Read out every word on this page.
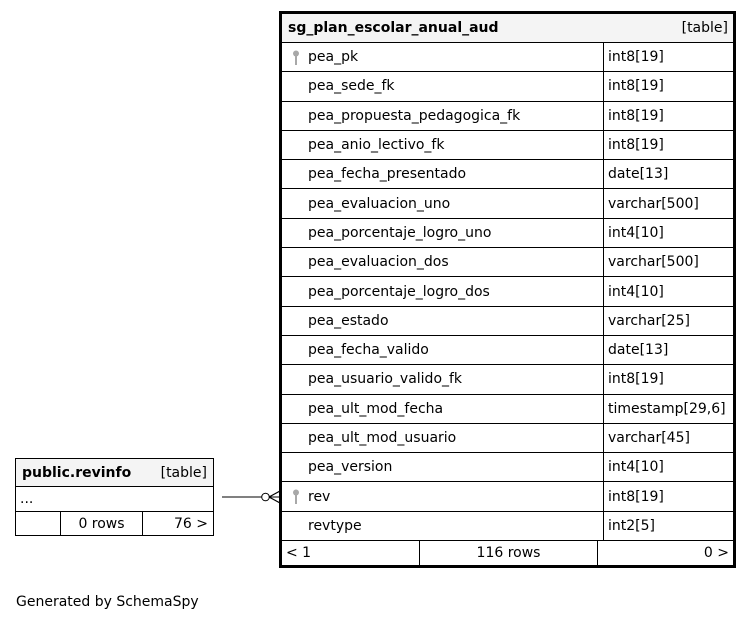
sg_plan_escolar_anual_aud	[table]
pea_pk	int8[19]
pea_sede_fk	int8[19]
pea_propuesta_pedagogica_fk	int8[19]
pea_anio_lectivo_fk	int8[19]
pea_fecha_presentado	date[13]
pea_evaluacion_uno	varchar[500]
pea_porcentaje_logro_uno	int4[10]
pea_evaluacion_dos	varchar[500]
pea_porcentaje_logro_dos	int4[10]
pea_estado	varchar[25]
pea_fecha_valido	date[13]
pea_usuario_valido_fk	int8[19]
pea_ult_mod_fecha	timestamp[29,6]
pea_ult_mod_usuario	varchar[45]
pea_version	int4[10]
rev	int8[19]
revtype	int2[5]
< 1	116 rows	0 >
public.revinfo [table]
...
0 rows	76 >
Generated by SchemaSpy
